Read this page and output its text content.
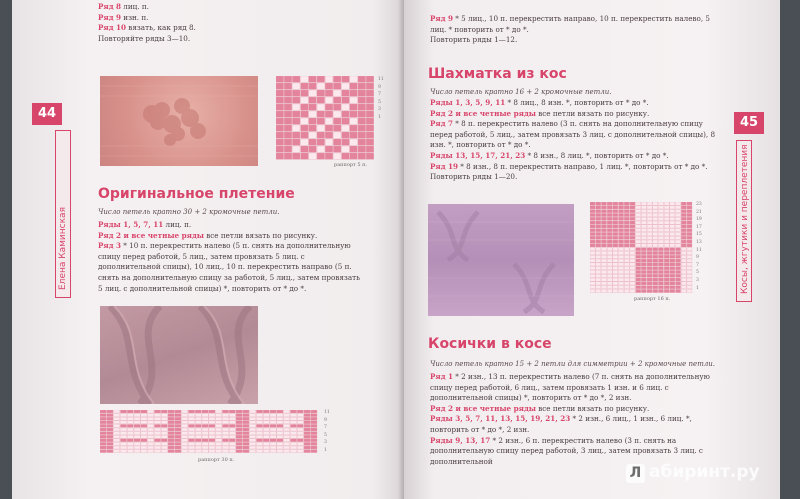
Ряд 8 лиц. п.
Ряд 9 изн. п.
Ряд 10 вязать, как ряд 8.
Повторяйте ряды 3—10.
44
Елена Каминская
11
9
7
5
3
1
раппорт 5 п.
Оригинальное плетение
Число петель кратно 30 + 2 кромочные петли.
Ряды 1, 5, 7, 11 лиц. п.
Ряд 2 и все четные ряды все петли вязать по рисунку.
Ряд 3 * 10 п. перекрестить налево (5 п. снять на дополнительную спицу перед работой, 5 лиц., затем провязать 5 лиц. с дополнительной спицы), 10 лиц., 10 п. перекрестить направо (5 п. снять на дополнительную спицу за работой, 5 лиц., затем провязать 5 лиц. с дополнительной спицы) *, повторить от * до *.
11
9
7
5
3
1
раппорт 30 п.
Ряд 9 * 5 лиц., 10 п. перекрестить направо, 10 п. перекрестить налево, 5 лиц. * повторить от * до *.
Повторить ряды 1—12.
Шахматка из кос
Число петель кратно 16 + 2 кромочные петли.
Ряды 1, 3, 5, 9, 11 * 8 лиц., 8 изн. *, повторить от * до *.
Ряд 2 и все четные ряды все петли вязать по рисунку.
Ряд 7 * 8 п. перекрестить налево (3 п. снять на дополнительную спицу перед работой, 5 лиц., затем провязать 3 лиц. с дополнительной спицы), 8 изн. *, повторить от * до *.
Ряды 13, 15, 17, 21, 23 * 8 изн., 8 лиц. *, повторить от * до *.
Ряд 19 * 8 изн., 8 п. перекрестить направо, 1 лиц. *, повторить от * до *.
Повторить ряды 1—20.
45
Косы, жгутики и переплетения
23
21
19
17
15
13
11
9
7
5
3
1
раппорт 16 п.
Косички в косе
Число петель кратно 15 + 2 петли для симметрии + 2 кромочные петли.
Ряд 1 * 2 изн., 13 п. перекрестить налево (7 п. снять на дополнительную спицу перед работой, 6 лиц., затем провязать 1 изн. и 6 лиц. с дополнительной спицы) *, повторить от * до *, 2 изн.
Ряд 2 и все четные ряды все петли вязать по рисунку.
Ряды 3, 5, 7, 11, 13, 15, 19, 21, 23 * 2 изн., 6 лиц., 1 изн., 6 лиц. *, повторить от * до *, 2 изн.
Ряды 9, 13, 17 * 2 изн., 6 п. перекрестить налево (3 п. снять на дополнительную спицу перед работой, 3 лиц., затем провязать 3 лиц. с дополнительной
Л абиринт.ру
